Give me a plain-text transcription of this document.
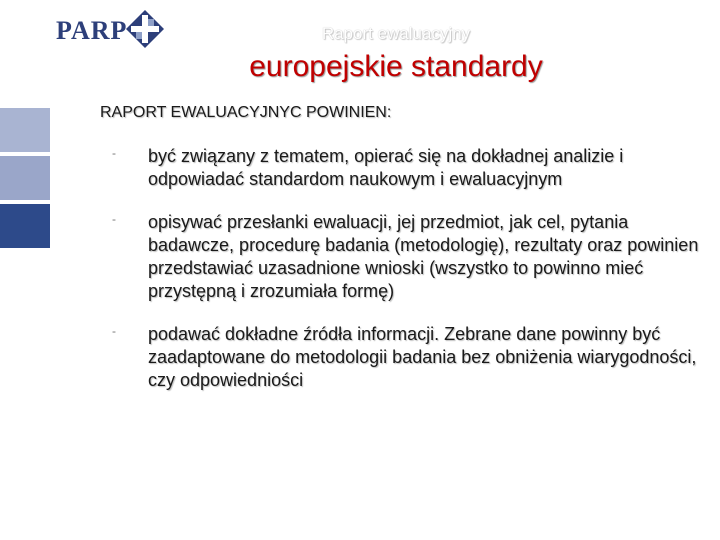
PARP	Raport ewaluacyjny
europejskie standardy
RAPORT EWALUACYJNYC POWINIEN:
- być związany z tematem, opierać się na dokładnej analizie i odpowiadać standardom naukowym i ewaluacyjnym
- opisywać przesłanki ewaluacji, jej przedmiot, jak cel, pytania badawcze, procedurę badania (metodologię), rezultaty oraz powinien przedstawiać uzasadnione wnioski (wszystko to powinno mieć przystępną i zrozumiała formę)
- podawać dokładne źródła informacji. Zebrane dane powinny być zaadaptowane do metodologii badania bez obniżenia wiarygodności, czy odpowiedniości
